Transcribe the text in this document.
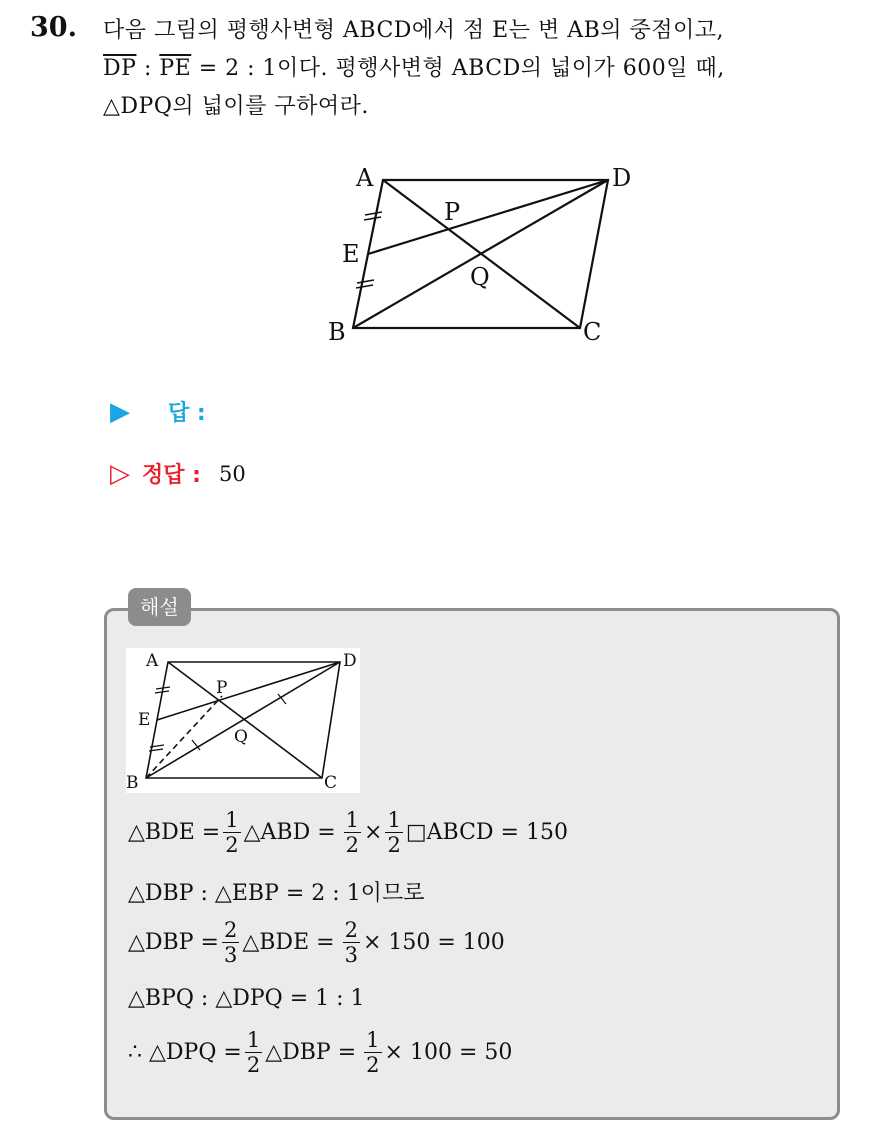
30. 다음 그림의 평행사변형 ABCD에서 점 E는 변 AB의 중점이고,
$\overline{DP}$ : $\overline{PE} = 2$ : 1이다. 평행사변형 ABCD의 넓이가 600일 때,
△DPQ의 넓이를 구하여라.
A	D
B	C
E
P
Q
▶	답 :
▷ 정답 : 50
해설
A	D
B	C
E
P
Q
△BDE = $\frac{1}{2}$ △ABD = $\frac{1}{2} \times \frac{1}{2}$ □ABCD = 150
△DBP : △EBP = 2 : 1이므로
△DBP = $\frac{2}{3}$ △BDE = $\frac{2}{3} \times 150 = 100$
△BPQ : △DPQ = 1 : 1
∴ △DPQ = $\frac{1}{2}$ △DBP = $\frac{1}{2} \times 100 = 50$
